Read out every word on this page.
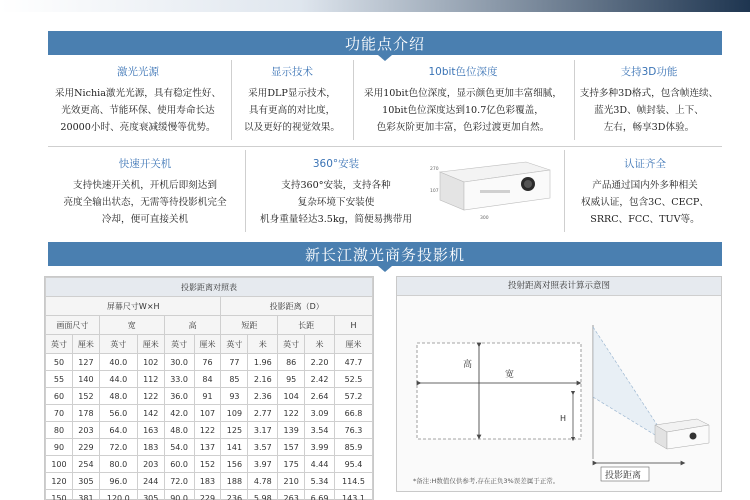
功能点介绍
激光光源
采用Nichia激光光源，具有稳定性好、
光效更高、节能环保、使用寿命长达
20000小时、亮度衰减缓慢等优势。
显示技术
采用DLP显示技术，
具有更高的对比度，
以及更好的视觉效果。
10bit色位深度
采用10bit色位深度，显示颜色更加丰富细腻，
10bit色位深度达到10.7亿色彩覆盖，
色彩灰阶更加丰富，色彩过渡更加自然。
支持3D功能
支持多种3D格式，包含帧连续、
蓝光3D、帧封装、上下、
左右，畅享3D体验。
快速开关机
支持快速开关机，开机后即刻达到
亮度全输出状态，无需等待投影机完全
冷却，便可直接关机
360°安装
支持360°安装，支持各种
复杂环境下安装使
机身重量轻达3.5kg，简便易携带用
认证齐全
产品通过国内外多种相关
权威认证，包含3C、CECP、
SRRC、FCC、TUV等。
270
107
300
新长江激光商务投影机
投影距离对照表										
屏幕尺寸W×H						投影距离（D）				
画面尺寸		宽		高		短距		长距		H
英寸	厘米	英寸	厘米	英寸	厘米	英寸	米	英寸	米	厘米
50	127	40.0	102	30.0	76	77	1.96	86	2.20	47.7
55	140	44.0	112	33.0	84	85	2.16	95	2.42	52.5
60	152	48.0	122	36.0	91	93	2.36	104	2.64	57.2
70	178	56.0	142	42.0	107	109	2.77	122	3.09	66.8
80	203	64.0	163	48.0	122	125	3.17	139	3.54	76.3
90	229	72.0	183	54.0	137	141	3.57	157	3.99	85.9
100	254	80.0	203	60.0	152	156	3.97	175	4.44	95.4
120	305	96.0	244	72.0	183	188	4.78	210	5.34	114.5
150	381	120.0	305	90.0	229	236	5.98	263	6.69	143.1
投射距离对照表计算示意图
高
宽
H
投影距离
*备注:H数值仅供参考,存在正负3%误差属于正常。
